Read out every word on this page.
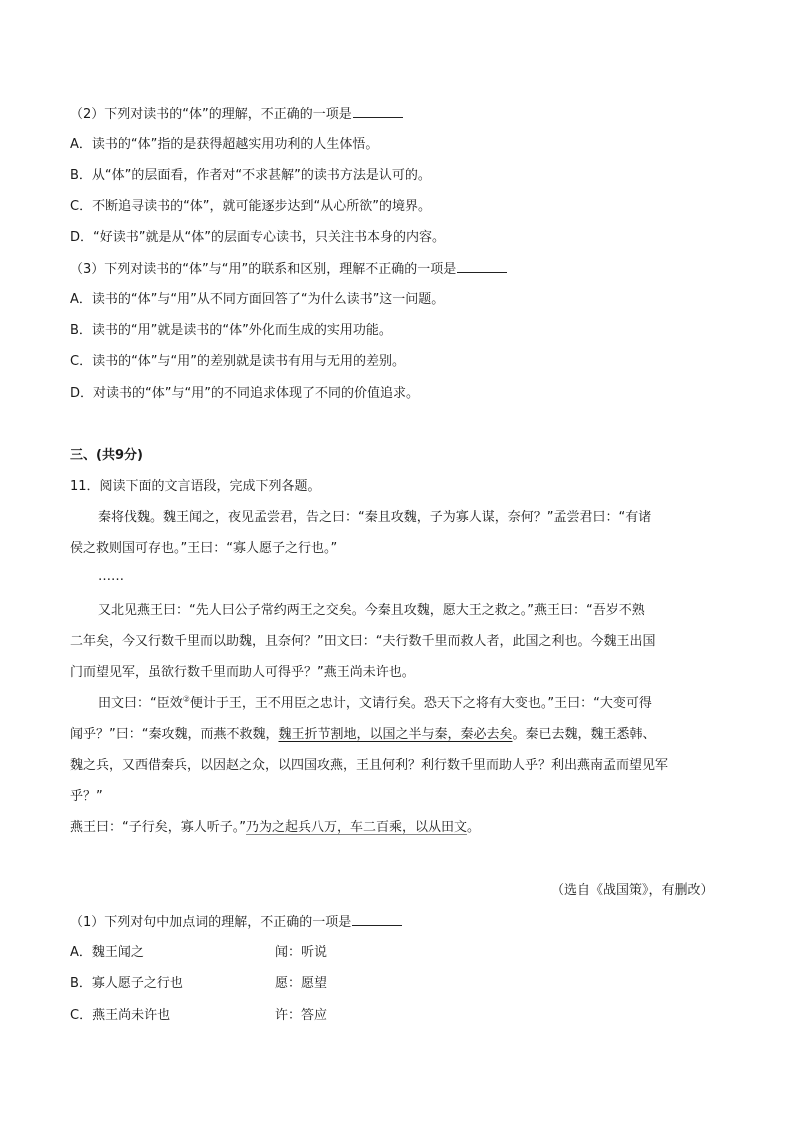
（2）下列对读书的“体”的理解，不正确的一项是
A．读书的“体”指的是获得超越实用功利的人生体悟。
B．从“体”的层面看，作者对“不求甚解”的读书方法是认可的。
C．不断追寻读书的“体”，就可能逐步达到“从心所欲”的境界。
D．“好读书”就是从“体”的层面专心读书，只关注书本身的内容。
（3）下列对读书的“体”与“用”的联系和区别，理解不正确的一项是
A．读书的“体”与“用”从不同方面回答了“为什么读书”这一问题。
B．读书的“用”就是读书的“体”外化而生成的实用功能。
C．读书的“体”与“用”的差别就是读书有用与无用的差别。
D．对读书的“体”与“用”的不同追求体现了不同的价值追求。
三、(共9分)
11．阅读下面的文言语段，完成下列各题。
秦将伐魏。魏王闻之，夜见孟尝君，告之曰：“秦且攻魏，子为寡人谋，奈何？”孟尝君曰：“有诸
侯之救则国可存也。”王曰：“寡人愿子之行也。”
……
又北见燕王曰：“先人曰公子常约两王之交矣。今秦且攻魏，愿大王之救之。”燕王曰：“吾岁不熟
二年矣，今又行数千里而以助魏，且奈何？”田文曰：“夫行数千里而救人者，此国之利也。今魏王出国
门而望见军，虽欲行数千里而助人可得乎？”燕王尚未许也。
田文曰：“臣效②便计于王，王不用臣之忠计，文请行矣。恐天下之将有大变也。”王曰：“大变可得
闻乎？”曰：“秦攻魏，而燕不救魏，魏王折节割地，以国之半与秦，秦必去矣。秦已去魏，魏王悉韩、
魏之兵，又西借秦兵，以因赵之众，以四国攻燕，王且何利？利行数千里而助人乎？利出燕南孟而望见军
乎？”
燕王曰：“子行矣，寡人听子。”乃为之起兵八万，车二百乘，以从田文。
（选自《战国策》，有删改）
（1）下列对句中加点词的理解，不正确的一项是
A．魏王闻之	闻：听说
B．寡人愿子之行也	愿：愿望
C．燕王尚未许也	许：答应
